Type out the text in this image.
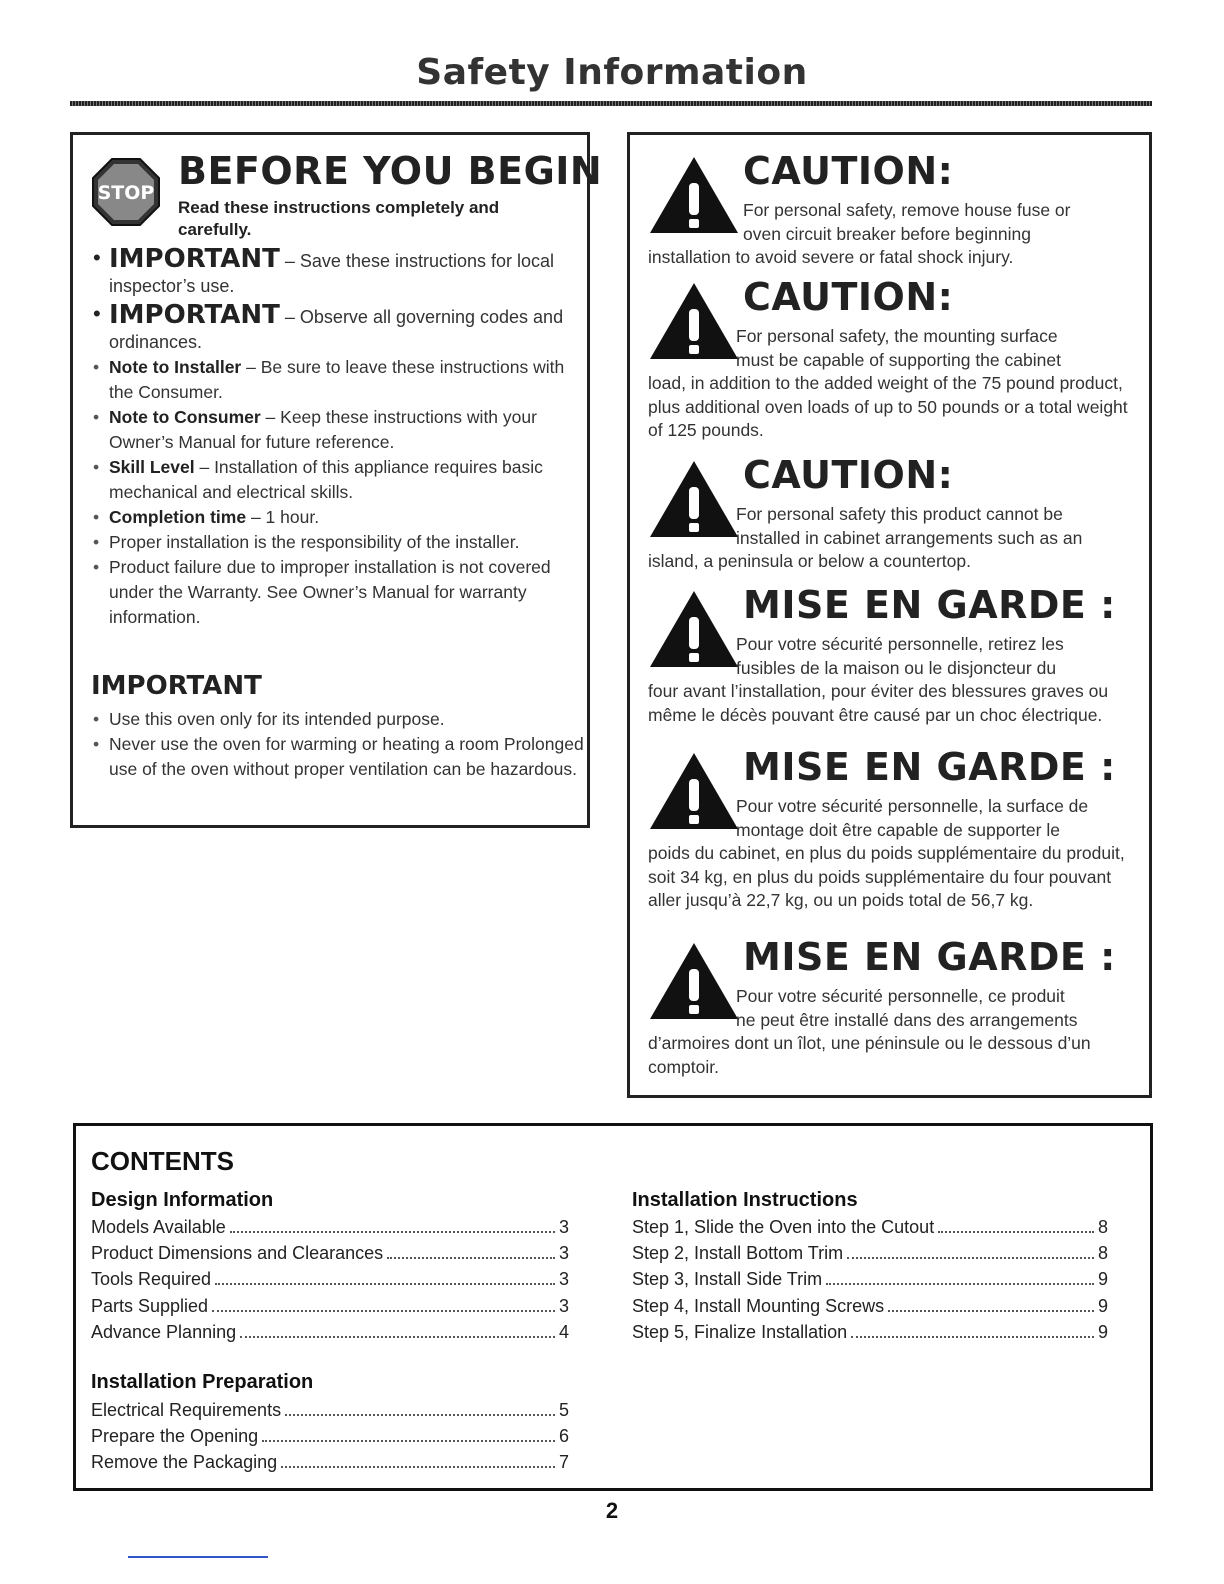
Safety Information
STOP BEFORE YOU BEGIN
Read these instructions completely and carefully.
• IMPORTANT – Save these instructions for local inspector’s use.
• IMPORTANT – Observe all governing codes and ordinances.
• Note to Installer – Be sure to leave these instructions with the Consumer.
• Note to Consumer – Keep these instructions with your Owner’s Manual for future reference.
• Skill Level – Installation of this appliance requires basic mechanical and electrical skills.
• Completion time – 1 hour.
• Proper installation is the responsibility of the installer.
• Product failure due to improper installation is not covered under the Warranty. See Owner’s Manual for warranty information.
IMPORTANT
• Use this oven only for its intended purpose.
• Never use the oven for warming or heating a room Prolonged use of the oven without proper ventilation can be hazardous.
CAUTION:
For personal safety, remove house fuse or
oven circuit breaker before beginning
installation to avoid severe or fatal shock injury.
CAUTION:
For personal safety, the mounting surface
must be capable of supporting the cabinet
load, in addition to the added weight of the 75 pound product, plus additional oven loads of up to 50 pounds or a total weight of 125 pounds.
CAUTION:
For personal safety this product cannot be
installed in cabinet arrangements such as an
island, a peninsula or below a countertop.
MISE EN GARDE :
Pour votre sécurité personnelle, retirez les
fusibles de la maison ou le disjoncteur du
four avant l’installation, pour éviter des blessures graves ou même le décès pouvant être causé par un choc électrique.
MISE EN GARDE :
Pour votre sécurité personnelle, la surface de
montage doit être capable de supporter le
poids du cabinet, en plus du poids supplémentaire du produit, soit 34 kg, en plus du poids supplémentaire du four pouvant aller jusqu’à 22,7 kg, ou un poids total de 56,7 kg.
MISE EN GARDE :
Pour votre sécurité personnelle, ce produit
ne peut être installé dans des arrangements
d’armoires dont un îlot, une péninsule ou le dessous d’un comptoir.
CONTENTS
Design Information
Models Available	3
Product Dimensions and Clearances	3
Tools Required	3
Parts Supplied	3
Advance Planning	4
Installation Preparation
Electrical Requirements	5
Prepare the Opening	6
Remove the Packaging	7
Installation Instructions
Step 1, Slide the Oven into the Cutout	8
Step 2, Install Bottom Trim	8
Step 3, Install Side Trim	9
Step 4, Install Mounting Screws	9
Step 5, Finalize Installation	9
2
